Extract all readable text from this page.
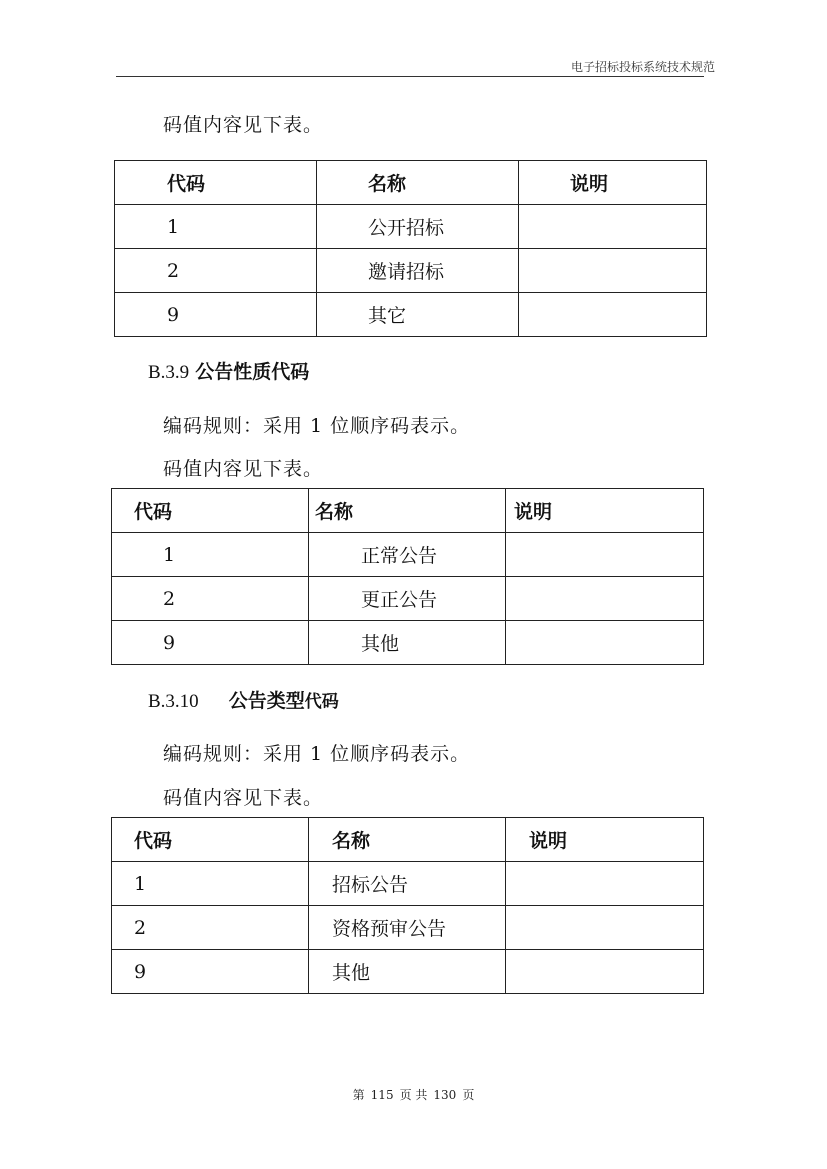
电子招标投标系统技术规范
码值内容见下表。
代码	名称	说明
1	公开招标	
2	邀请招标	
9	其它	
B.3.9 公告性质代码
编码规则：采用 1 位顺序码表示。
码值内容见下表。
代码	名称	说明
1	正常公告	
2	更正公告	
9	其他	
B.3.10 公告类型代码
编码规则：采用 1 位顺序码表示。
码值内容见下表。
代码	名称	说明
1	招标公告	
2	资格预审公告	
9	其他	
第 115 页 共 130 页
